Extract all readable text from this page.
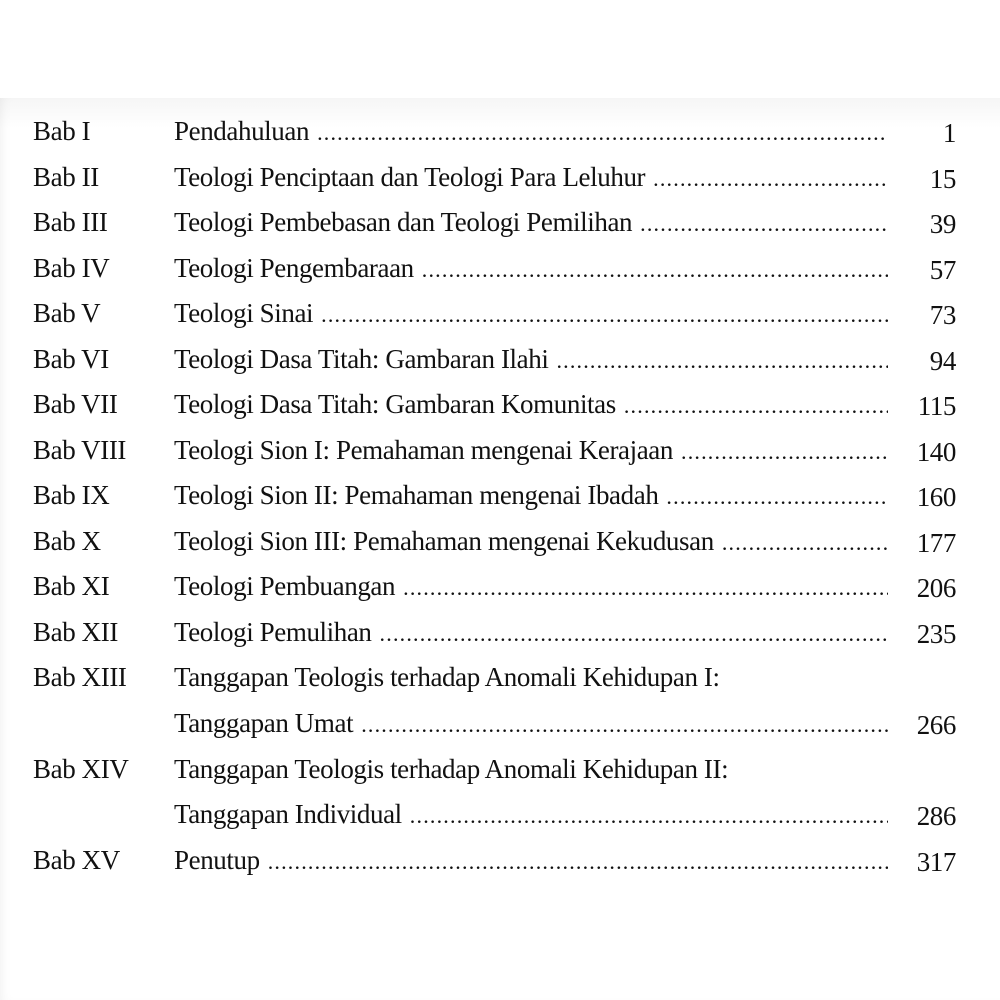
Bab I	Pendahuluan .....	1
Bab II	Teologi Penciptaan dan Teologi Para Leluhur .....	15
Bab III Teologi Pembebasan dan Teologi Pemilihan .....	39
Bab IV Teologi Pengembaraan .....	57
Bab V	Teologi Sinai .....	73
Bab VI Teologi Dasa Titah: Gambaran Ilahi .....	94
Bab VII Teologi Dasa Titah: Gambaran Komunitas .....	115
Bab VIII Teologi Sion I: Pemahaman mengenai Kerajaan .....	140
Bab IX Teologi Sion II: Pemahaman mengenai Ibadah .....	160
Bab X	Teologi Sion III: Pemahaman mengenai Kekudusan .....	177
Bab XI Teologi Pembuangan .....	206
Bab XII Teologi Pemulihan .....	235
Bab XIII Tanggapan Teologis terhadap Anomali Kehidupan I:
Tanggapan Umat .....	266
Bab XIV Tanggapan Teologis terhadap Anomali Kehidupan II:
Tanggapan Individual .....	286
Bab XV Penutup .....	317
